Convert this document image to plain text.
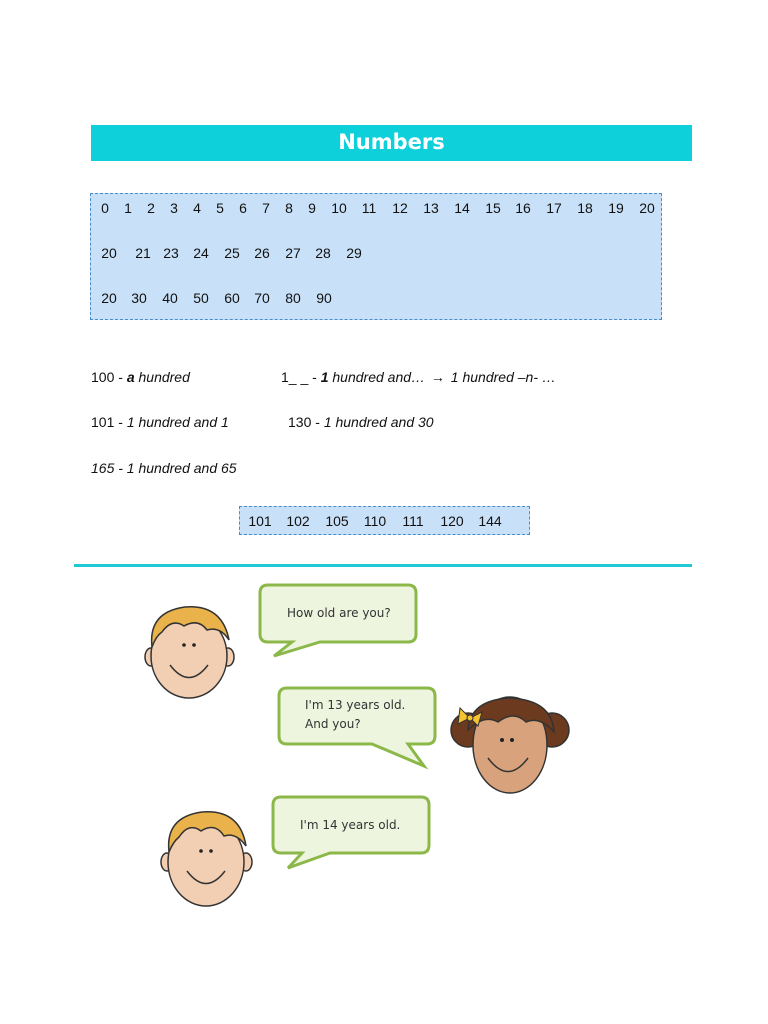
Numbers
0 1 2 3 4 5 6 7 8 9 10 11 12 13 14 15 16 17 18 19 20
20 21 23 24 25 26 27 28 29
20 30 40 50 60 70 80 90
100 - a hundred	1_ _ - 1 hundred and… → 1 hundred –n- …
101 - 1 hundred and 1	130 - 1 hundred and 30
165 - 1 hundred and 65
101 102 105 110 111 120 144
How old are you?
I'm 13 years old.
And you?
I'm 14 years old.
